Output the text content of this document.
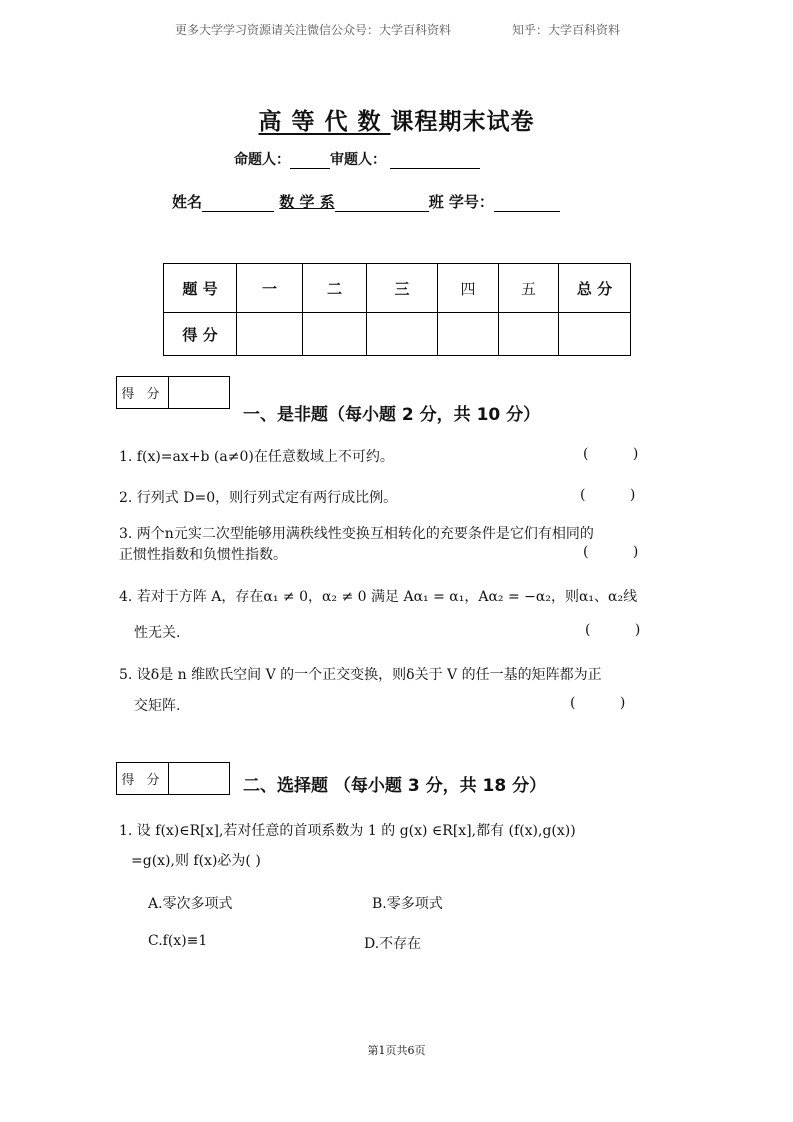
更多大学学习资源请关注微信公众号：大学百科资料	知乎：大学百科资料
高 等 代 数 课程期末试卷
命题人：	审题人：
姓名	数 学 系	班 学号：
题 号	一	二	三	四	五	总 分
得 分						
得 分
一、是非题（每小题 2 分，共 10 分）
1. f(x)=ax+b (a≠0)在任意数域上不可约。	( )
2. 行列式 D=0，则行列式定有两行成比例。	( )
3. 两个n元实二次型能够用满秩线性变换互相转化的充要条件是它们有相同的
正惯性指数和负惯性指数。	( )
4. 若对于方阵 A，存在α₁ ≠ 0，α₂ ≠ 0 满足 Aα₁ = α₁，Aα₂ = −α₂，则α₁、α₂线
性无关.	( )
5. 设δ是 n 维欧氏空间 V 的一个正交变换，则δ关于 V 的任一基的矩阵都为正
交矩阵.	( )
得 分	二、选择题 （每小题 3 分，共 18 分）
1. 设 f(x)∈R[x],若对任意的首项系数为 1 的 g(x) ∈R[x],都有 (f(x),g(x))
=g(x),则 f(x)必为( )
A.零次多项式	B.零多项式
C.f(x)≡1	D.不存在
第1页共6页
